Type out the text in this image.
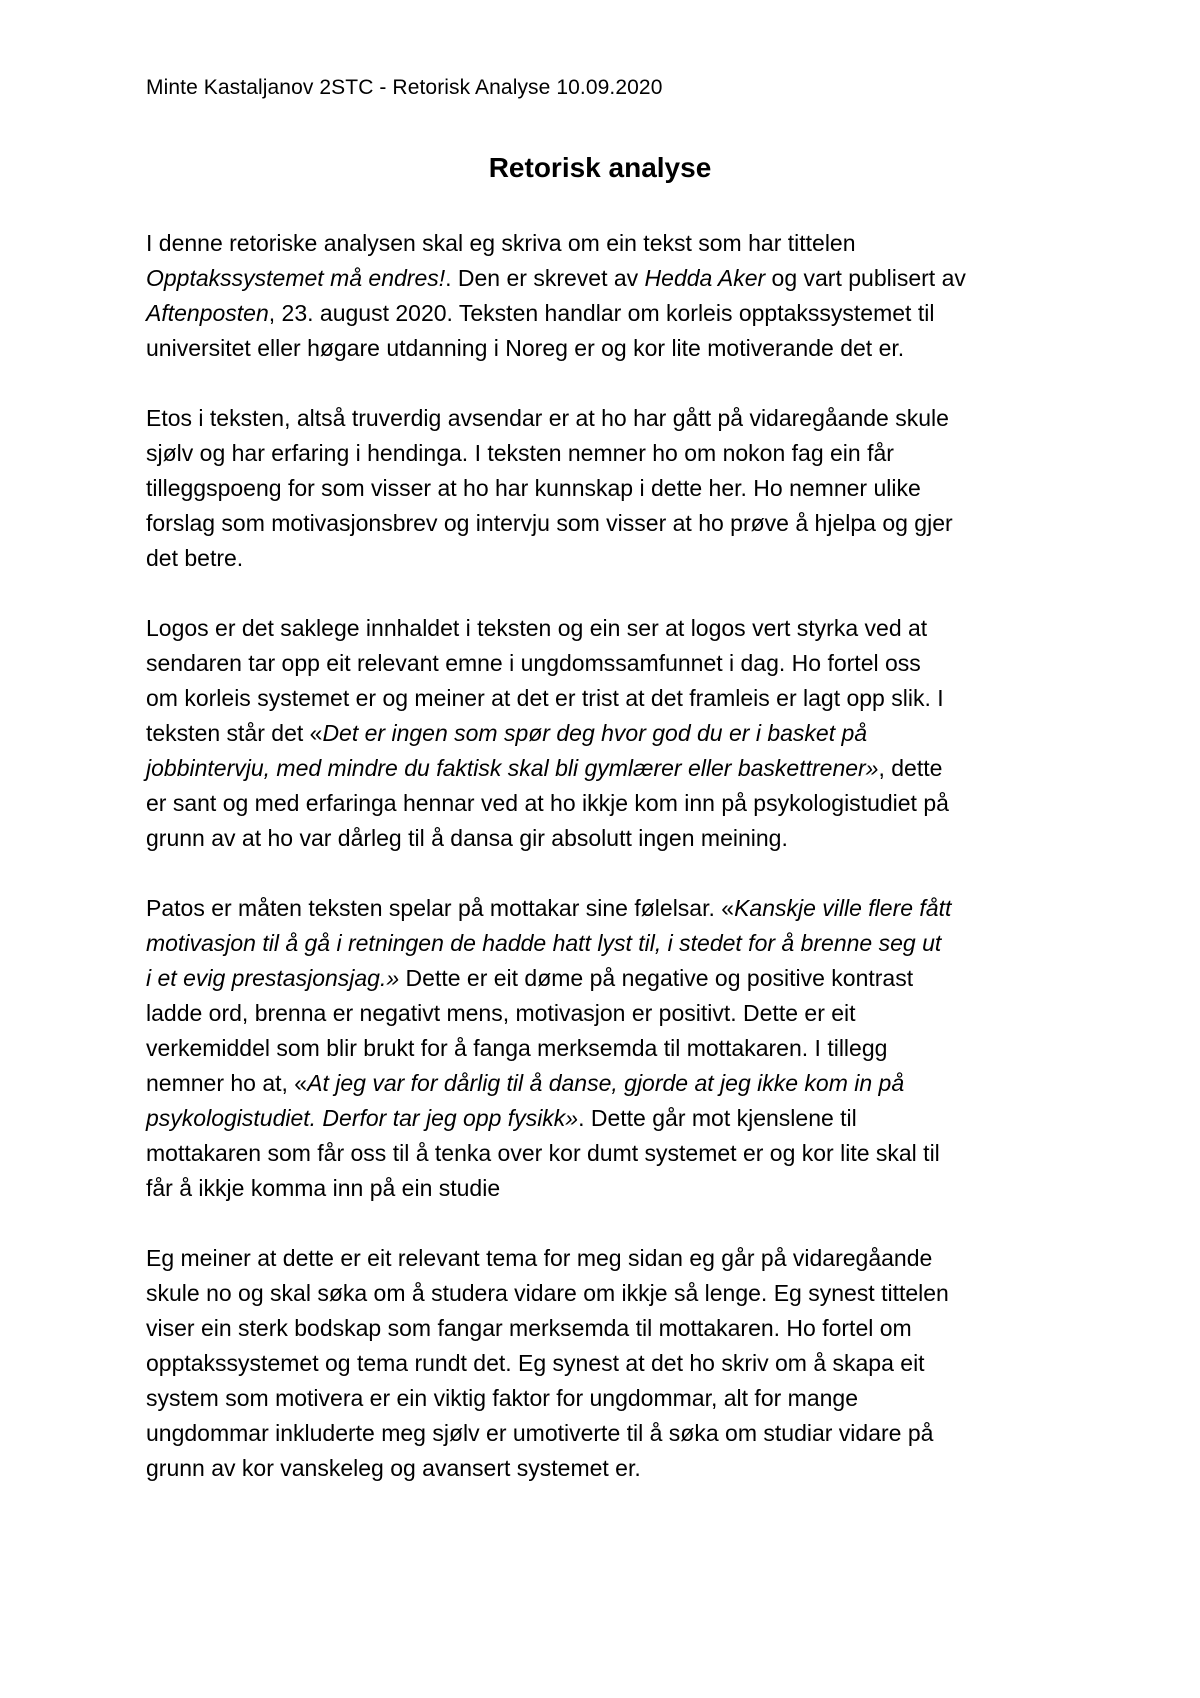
Minte Kastaljanov 2STC - Retorisk Analyse 10.09.2020
Retorisk analyse
I denne retoriske analysen skal eg skriva om ein tekst som har tittelen
Opptakssystemet må endres!. Den er skrevet av Hedda Aker og vart publisert av
Aftenposten, 23. august 2020. Teksten handlar om korleis opptakssystemet til
universitet eller høgare utdanning i Noreg er og kor lite motiverande det er.
Etos i teksten, altså truverdig avsendar er at ho har gått på vidaregåande skule
sjølv og har erfaring i hendinga. I teksten nemner ho om nokon fag ein får
tilleggspoeng for som visser at ho har kunnskap i dette her. Ho nemner ulike
forslag som motivasjonsbrev og intervju som visser at ho prøve å hjelpa og gjer
det betre.
Logos er det saklege innhaldet i teksten og ein ser at logos vert styrka ved at
sendaren tar opp eit relevant emne i ungdomssamfunnet i dag. Ho fortel oss
om korleis systemet er og meiner at det er trist at det framleis er lagt opp slik. I
teksten står det «Det er ingen som spør deg hvor god du er i basket på
jobbintervju, med mindre du faktisk skal bli gymlærer eller baskettrener», dette
er sant og med erfaringa hennar ved at ho ikkje kom inn på psykologistudiet på
grunn av at ho var dårleg til å dansa gir absolutt ingen meining.
Patos er måten teksten spelar på mottakar sine følelsar. «Kanskje ville flere fått
motivasjon til å gå i retningen de hadde hatt lyst til, i stedet for å brenne seg ut
i et evig prestasjonsjag.» Dette er eit døme på negative og positive kontrast
ladde ord, brenna er negativt mens, motivasjon er positivt. Dette er eit
verkemiddel som blir brukt for å fanga merksemda til mottakaren. I tillegg
nemner ho at, «At jeg var for dårlig til å danse, gjorde at jeg ikke kom in på
psykologistudiet. Derfor tar jeg opp fysikk». Dette går mot kjenslene til
mottakaren som får oss til å tenka over kor dumt systemet er og kor lite skal til
får å ikkje komma inn på ein studie
Eg meiner at dette er eit relevant tema for meg sidan eg går på vidaregåande
skule no og skal søka om å studera vidare om ikkje så lenge. Eg synest tittelen
viser ein sterk bodskap som fangar merksemda til mottakaren. Ho fortel om
opptakssystemet og tema rundt det. Eg synest at det ho skriv om å skapa eit
system som motivera er ein viktig faktor for ungdommar, alt for mange
ungdommar inkluderte meg sjølv er umotiverte til å søka om studiar vidare på
grunn av kor vanskeleg og avansert systemet er.
